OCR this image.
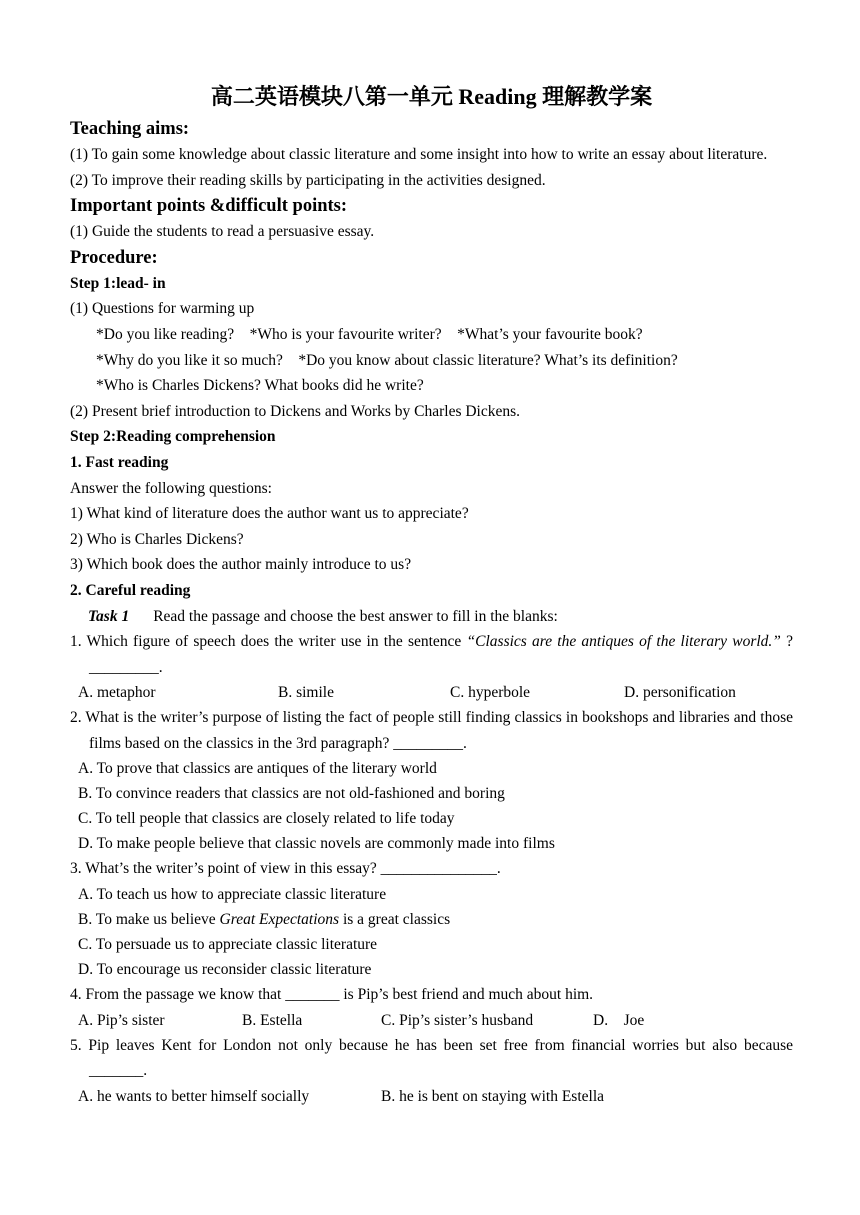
高二英语模块八第一单元 Reading 理解教学案
Teaching aims:
(1) To gain some knowledge about classic literature and some insight into how to write an essay about literature.
(2) To improve their reading skills by participating in the activities designed.
Important points &difficult points:
(1) Guide the students to read a persuasive essay.
Procedure:
Step 1:lead- in
(1) Questions for warming up
*Do you like reading?    *Who is your favourite writer?    *What’s your favourite book?
*Why do you like it so much?    *Do you know about classic literature? What’s its definition?
*Who is Charles Dickens? What books did he write?
(2) Present brief introduction to Dickens and Works by Charles Dickens.
Step 2:Reading comprehension
1. Fast reading
Answer the following questions:
1) What kind of literature does the author want us to appreciate?
2) Who is Charles Dickens?
3) Which book does the author mainly introduce to us?
2. Careful reading
Task 1 Read the passage and choose the best answer to fill in the blanks:
1. Which figure of speech does the writer use in the sentence “Classics are the antiques of the literary world.” ? _________.
A. metaphor	B. simile	C. hyperbole	D. personification
2. What is the writer’s purpose of listing the fact of people still finding classics in bookshops and libraries and those films based on the classics in the 3rd paragraph? _________.
A. To prove that classics are antiques of the literary world
B. To convince readers that classics are not old-fashioned and boring
C. To tell people that classics are closely related to life today
D. To make people believe that classic novels are commonly made into films
3. What’s the writer’s point of view in this essay? _______________.
A. To teach us how to appreciate classic literature
B. To make us believe Great Expectations is a great classics
C. To persuade us to appreciate classic literature
D. To encourage us reconsider classic literature
4. From the passage we know that _______ is Pip’s best friend and much about him.
A. Pip’s sister	B. Estella	C. Pip’s sister’s husband	D.    Joe
5. Pip leaves Kent for London not only because he has been set free from financial worries but also because _______.
A. he wants to better himself socially	B. he is bent on staying with Estella
